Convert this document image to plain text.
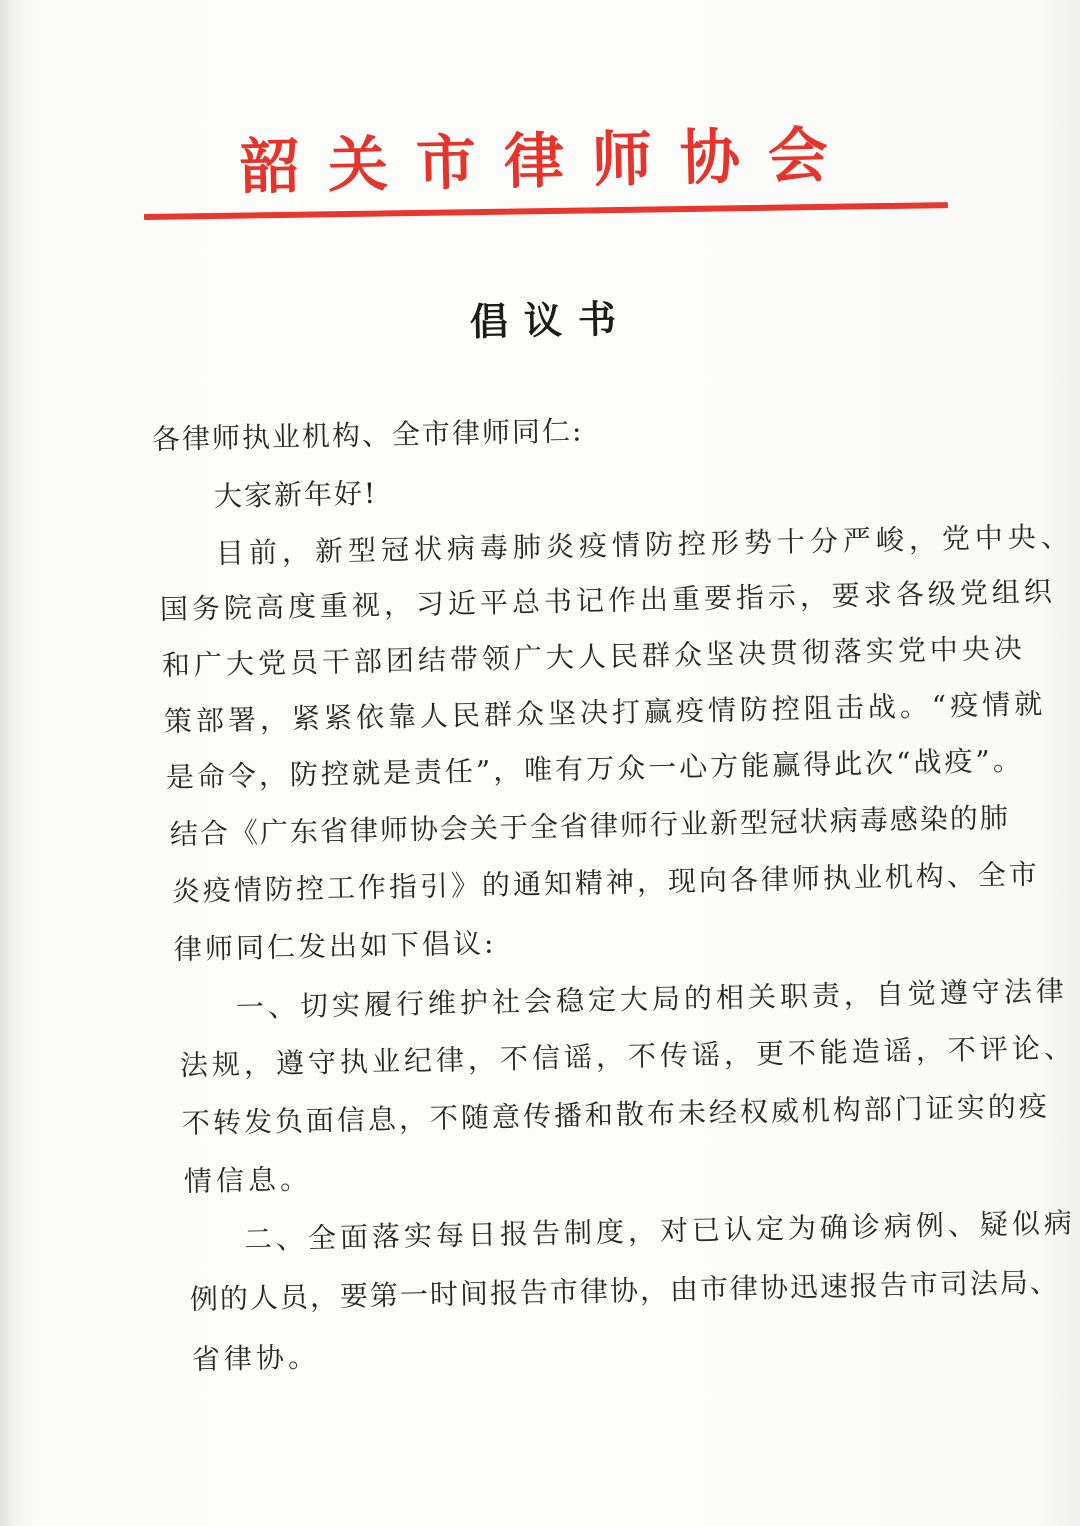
韶关市律师协会
倡议书
各律师执业机构、全市律师同仁:
大家新年好!
目前，新型冠状病毒肺炎疫情防控形势十分严峻，党中央、
国务院高度重视，习近平总书记作出重要指示，要求各级党组织
和广大党员干部团结带领广大人民群众坚决贯彻落实党中央决
策部署，紧紧依靠人民群众坚决打赢疫情防控阻击战。“疫情就
是命令，防控就是责任”，唯有万众一心方能赢得此次“战疫”。
结合《广东省律师协会关于全省律师行业新型冠状病毒感染的肺
炎疫情防控工作指引》的通知精神，现向各律师执业机构、全市
律师同仁发出如下倡议:
一、切实履行维护社会稳定大局的相关职责，自觉遵守法律
法规，遵守执业纪律，不信谣，不传谣，更不能造谣，不评论、
不转发负面信息，不随意传播和散布未经权威机构部门证实的疫
情信息。
二、全面落实每日报告制度，对已认定为确诊病例、疑似病
例的人员，要第一时间报告市律协，由市律协迅速报告市司法局、
省律协。
